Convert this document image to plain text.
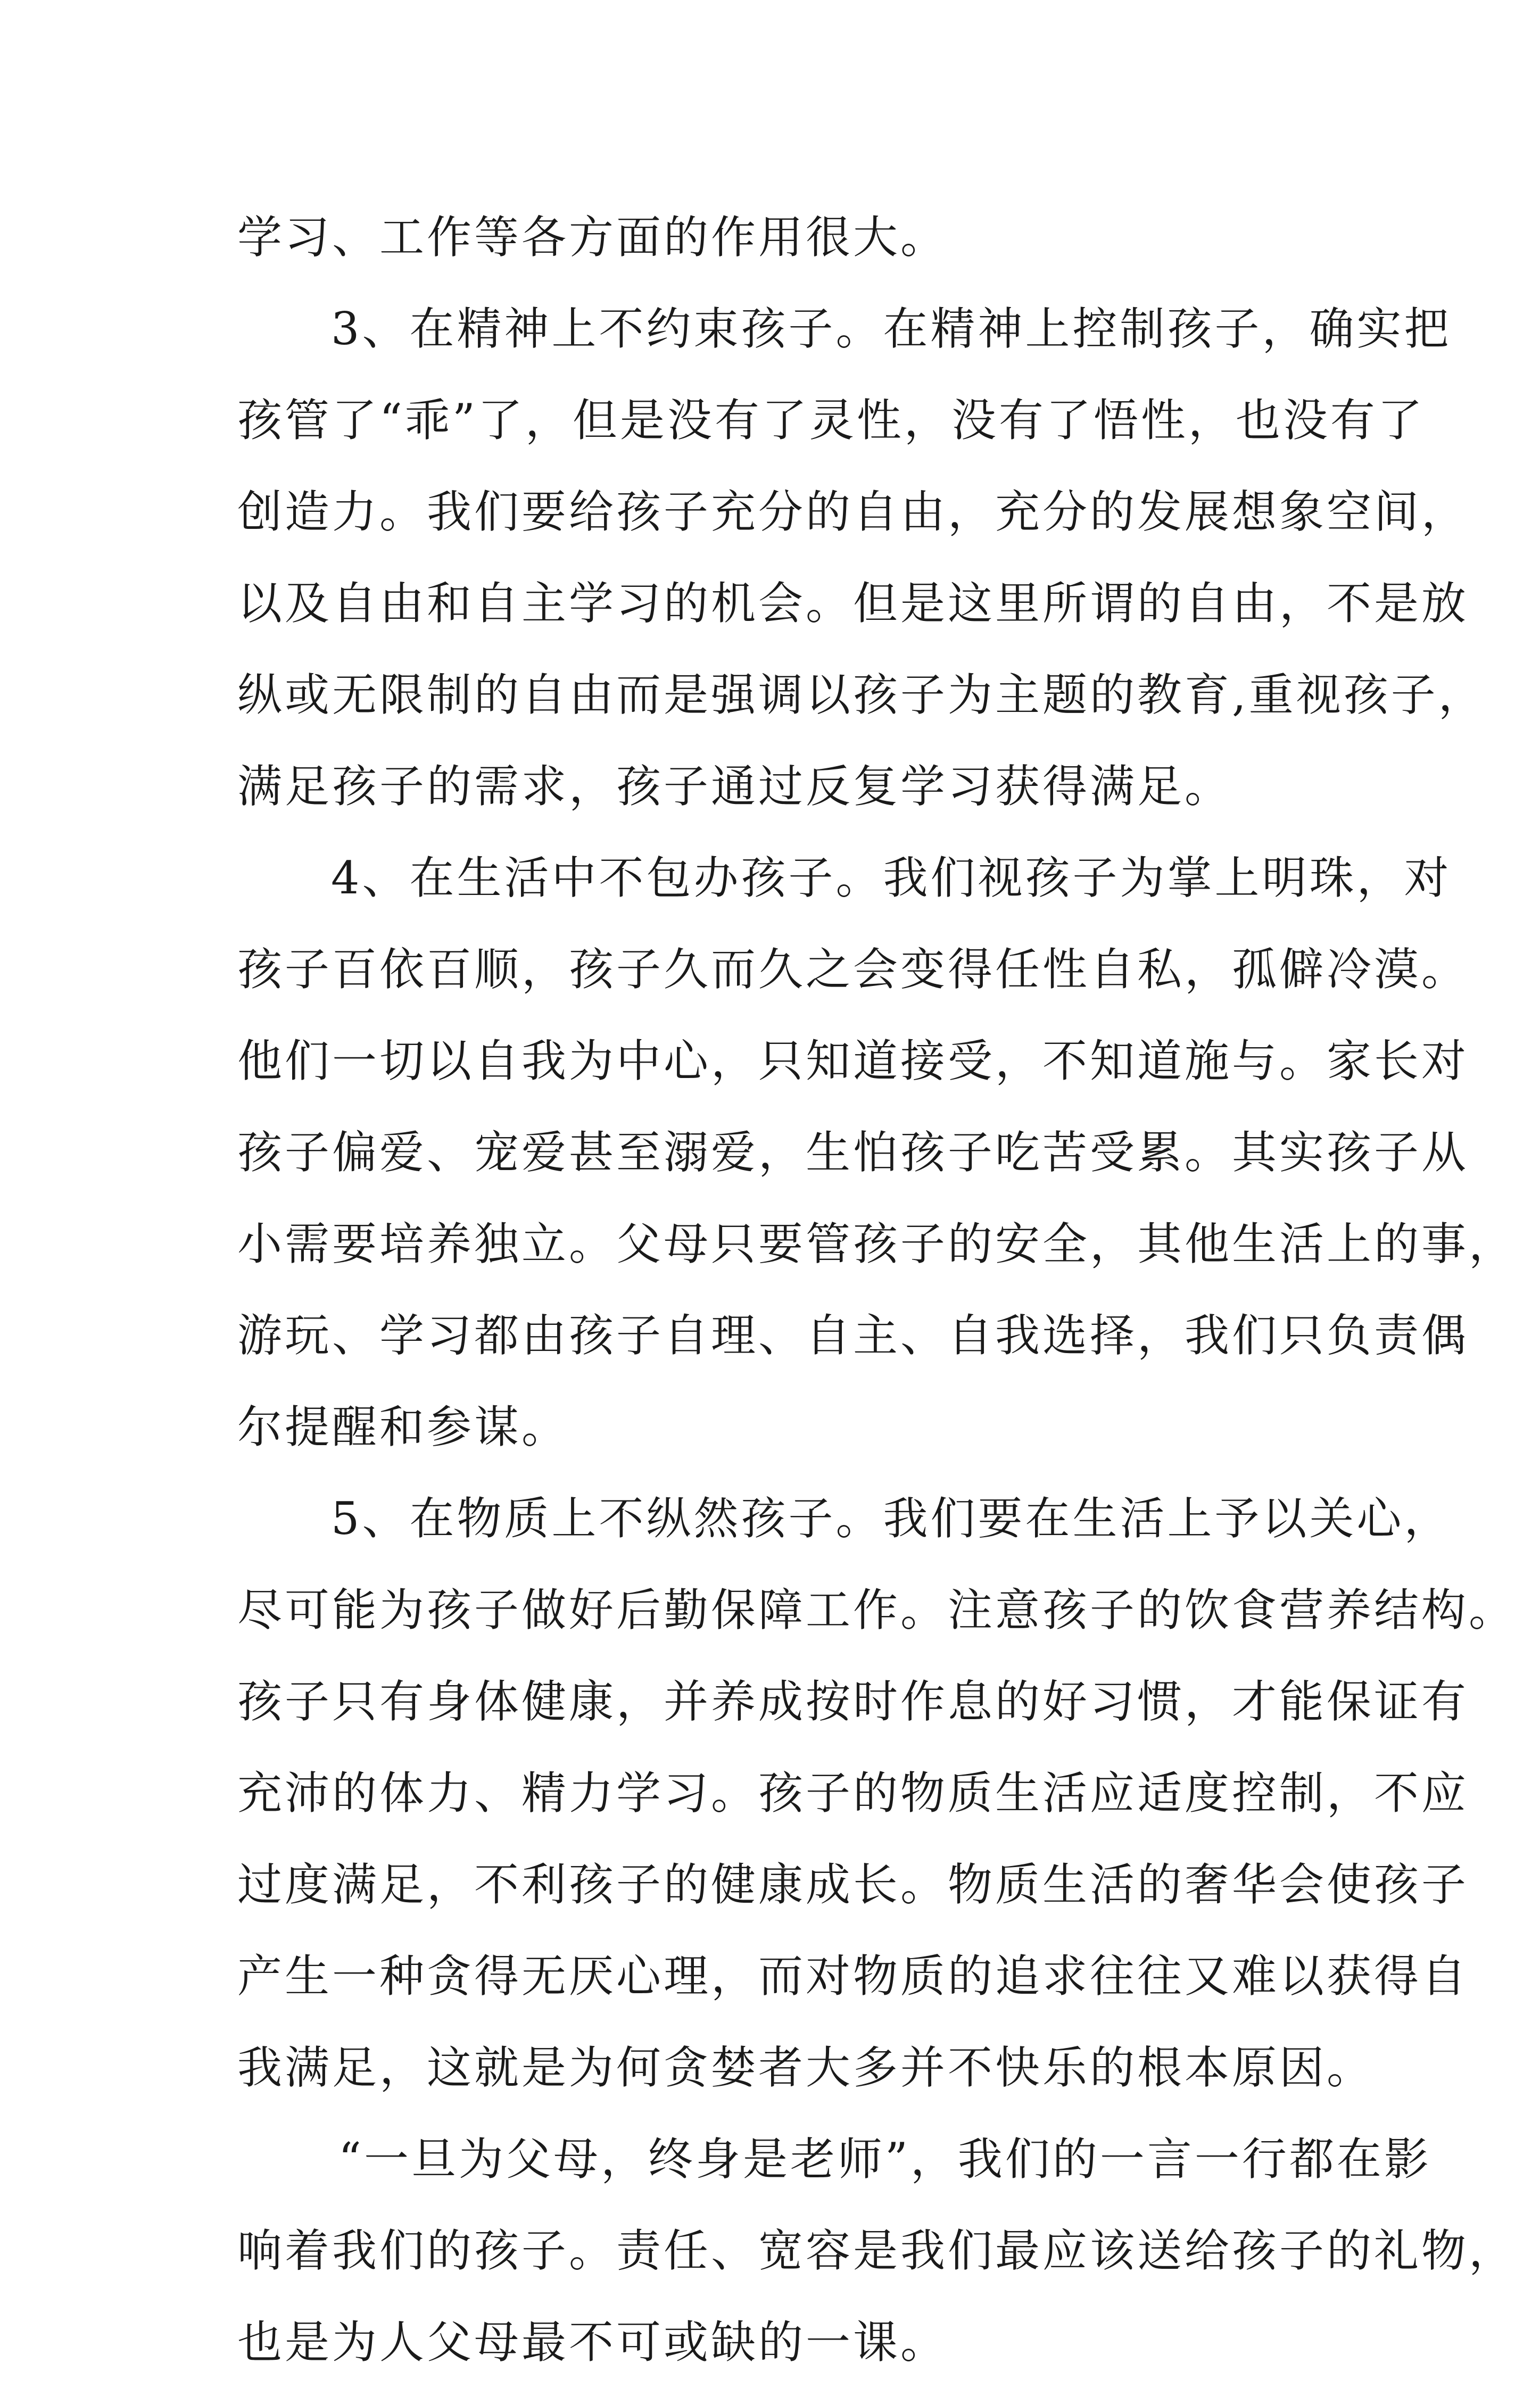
学习、工作等各方面的作用很大。
3、在精神上不约束孩子。在精神上控制孩子，确实把
孩管了“乖”了，但是没有了灵性，没有了悟性，也没有了
创造力。我们要给孩子充分的自由，充分的发展想象空间，
以及自由和自主学习的机会。但是这里所谓的自由，不是放
纵或无限制的自由而是强调以孩子为主题的教育,重视孩子，
满足孩子的需求，孩子通过反复学习获得满足。
4、在生活中不包办孩子。我们视孩子为掌上明珠，对
孩子百依百顺，孩子久而久之会变得任性自私，孤僻冷漠。
他们一切以自我为中心，只知道接受，不知道施与。家长对
孩子偏爱、宠爱甚至溺爱，生怕孩子吃苦受累。其实孩子从
小需要培养独立。父母只要管孩子的安全，其他生活上的事，
游玩、学习都由孩子自理、自主、自我选择，我们只负责偶
尔提醒和参谋。
5、在物质上不纵然孩子。我们要在生活上予以关心，
尽可能为孩子做好后勤保障工作。注意孩子的饮食营养结构。
孩子只有身体健康，并养成按时作息的好习惯，才能保证有
充沛的体力、精力学习。孩子的物质生活应适度控制，不应
过度满足，不利孩子的健康成长。物质生活的奢华会使孩子
产生一种贪得无厌心理，而对物质的追求往往又难以获得自
我满足，这就是为何贪婪者大多并不快乐的根本原因。
“一旦为父母，终身是老师”，我们的一言一行都在影
响着我们的孩子。责任、宽容是我们最应该送给孩子的礼物，
也是为人父母最不可或缺的一课。
